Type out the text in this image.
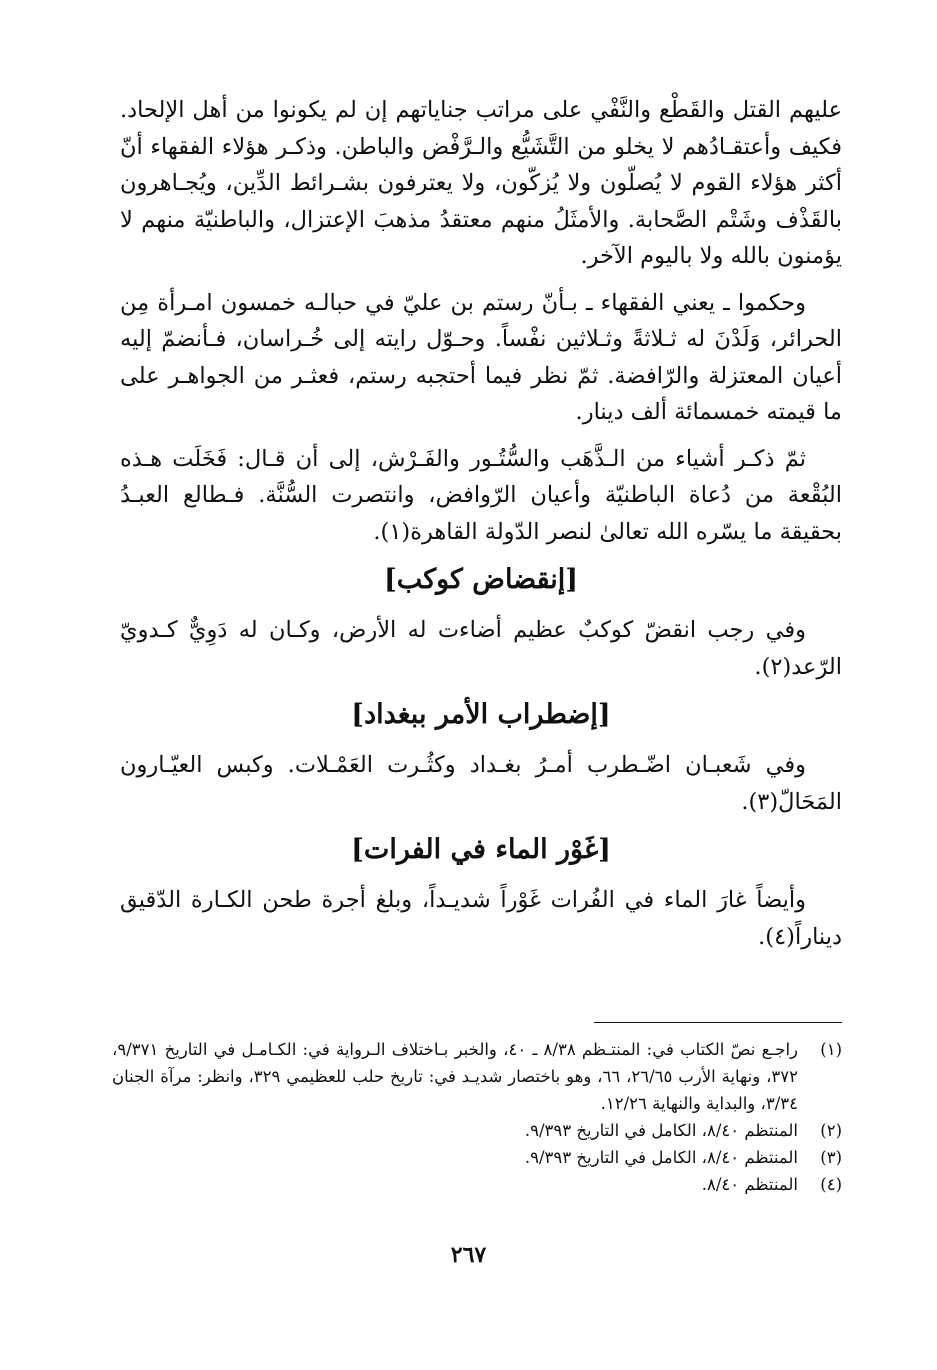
عليهم القتل والقَطْع والنَّفْي على مراتب جناياتهم إن لم يكونوا من أهل الإلحاد. فكيف وأعتقـادُهم لا يخلو من التَّشَيُّع والـرَّفْض والباطن. وذكـر هؤلاء الفقهاء أنّ أكثر هؤلاء القوم لا يُصلّون ولا يُزكّون، ولا يعترفون بشـرائط الدِّين، ويُجـاهرون بالقَذْف وشَتْم الصَّحابة. والأمثَلُ منهم معتقدُ مذهبَ الإعتزال، والباطنيّة منهم لا يؤمنون بالله ولا باليوم الآخر.

وحكموا ـ يعني الفقهاء ـ بـأنّ رستم بن عليّ في حبالـه خمسون امـرأة مِن الحرائر، وَلَدْنَ له ثـلاثةً وثـلاثين نفْساً. وحـوّل رايته إلى خُـراسان، فـأنضمّ إليه أعيان المعتزلة والرّافضة. ثمّ نظر فيما أحتجبه رستم، فعثـر من الجواهـر على ما قيمته خمسمائة ألف دينار.

ثمّ ذكـر أشياء من الـذَّهَب والسُّتُـور والفَـرْش، إلى أن قـال: فَخَلَت هـذه البُقْعة من دُعاة الباطنيّة وأعيان الرّوافض، وانتصرت السُّنَّة. فـطالع العبـدُ بحقيقة ما يسّره الله تعالىٰ لنصر الدّولة القاهرة(١).

[إنقضاض كوكب]

وفي رجب انقضّ كوكبٌ عظيم أضاءت له الأرض، وكـان له دَوِيٌّ كـدويّ الرّعد(٢).

[إضطراب الأمر ببغداد]

وفي شَعبـان اضّـطرب أمـرُ بغـداد وكثُـرت العَمْـلات. وكبس العيّـارون المَحَالّ(٣).

[غَوْر الماء في الفرات]

وأيضاً غارَ الماء في الفُرات غَوْراً شديـداً، وبلغ أجرة طحن الكـارة الدّقيق ديناراً(٤).

(١)
راجـع نصّ الكتاب في: المنتـظم ٨/٣٨ ـ ٤٠، والخبر بـاختلاف الـرواية في: الكـامـل في التاريخ ٩/٣٧١، ٣٧٢، ونهاية الأرب ٢٦/٦٥، ٦٦، وهو باختصار شديـد في: تاريخ حلب للعظيمي ٣٢٩، وانظر: مرآة الجنان ٣/٣٤، والبداية والنهاية ١٢/٢٦.
(٢)
المنتظم ٨/٤٠، الكامل في التاريخ ٩/٣٩٣.
(٣)
المنتظم ٨/٤٠، الكامل في التاريخ ٩/٣٩٣.
(٤)
المنتظم ٨/٤٠.
٢٦٧
